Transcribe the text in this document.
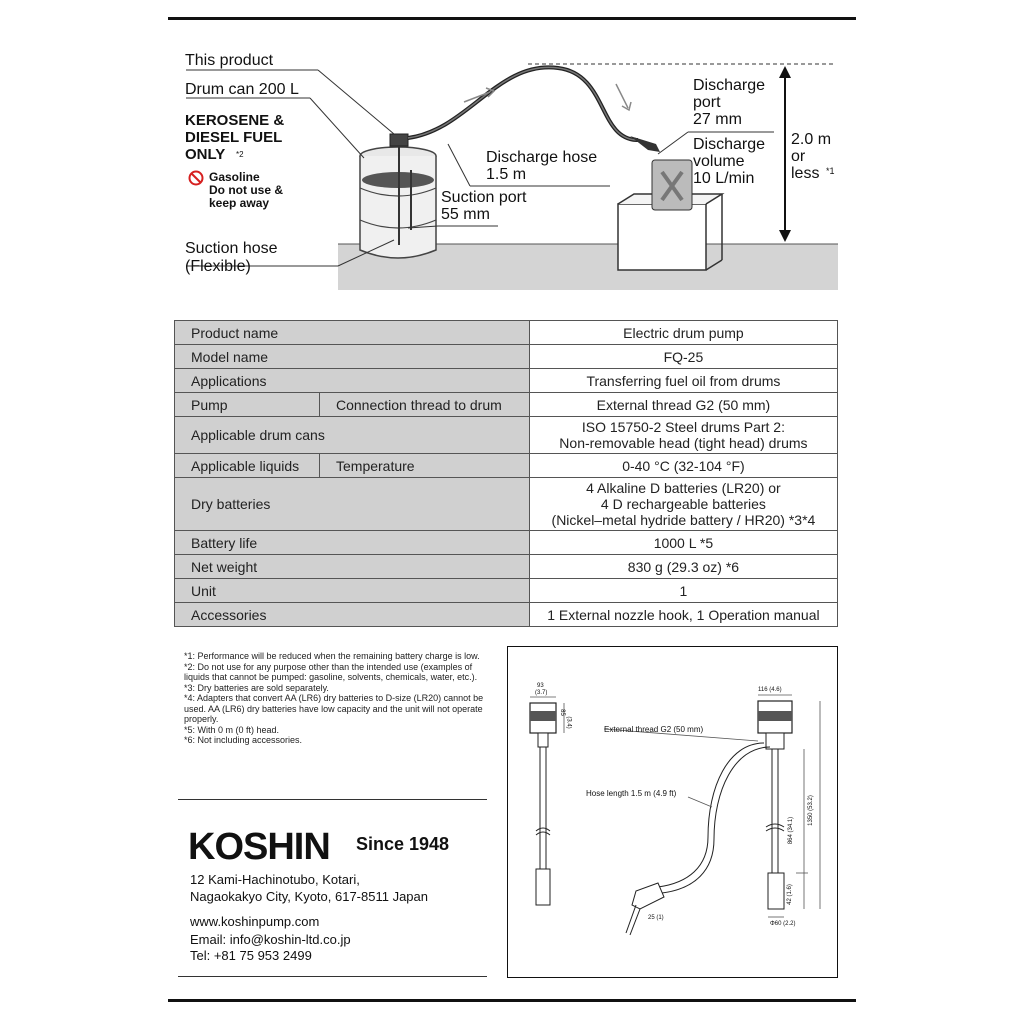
This product
Drum can 200 L
KEROSENE &
DIESEL FUEL
ONLY *2
Gasoline
Do not use &
keep away
Suction hose
(Flexible)
Discharge hose
1.5 m
Suction port
55 mm
Discharge
port
27 mm
Discharge
volume
10 L/min
2.0 m
or
less *1
Product name		Electric drum pump
Model name		FQ-25
Applications		Transferring fuel oil from drums
Pump	Connection thread to drum	External thread G2 (50 mm)
Applicable drum cans		ISO 15750-2 Steel drums Part 2:
Non-removable head (tight head) drums

Applicable liquids	Temperature	0-40 °C (32-104 °F)
Dry batteries		4 Alkaline D batteries (LR20) or
4 D rechargeable batteries
(Nickel–metal hydride battery / HR20) *3*4

Battery life		1000 L *5
Net weight		830 g (29.3 oz) *6
Unit		1
Accessories		1 External nozzle hook, 1 Operation manual
*1: Performance will be reduced when the remaining battery charge is low.
*2: Do not use for any purpose other than the intended use (examples of liquids that cannot be pumped: gasoline, solvents, chemicals, water, etc.).
*3: Dry batteries are sold separately.
*4: Adapters that convert AA (LR6) dry batteries to D-size (LR20) cannot be used. AA (LR6) dry batteries have low capacity and the unit will not operate properly.
*5: With 0 m (0 ft) head.
*6: Not including accessories.
KOSHIN Since 1948
12 Kami-Hachinotubo, Kotari,
Nagaokakyo City, Kyoto, 617-8511 Japan
www.koshinpump.com
Email: info@koshin-ltd.co.jp
Tel: +81 75 953 2499
93
(3.7)
85
(3.4)
116 (4.6)
External thread G2 (50 mm)
Hose length 1.5 m (4.9 ft)
864 (34.1)
1350 (53.2)
42 (1.6)
25 (1)
Φ60 (2.2)
